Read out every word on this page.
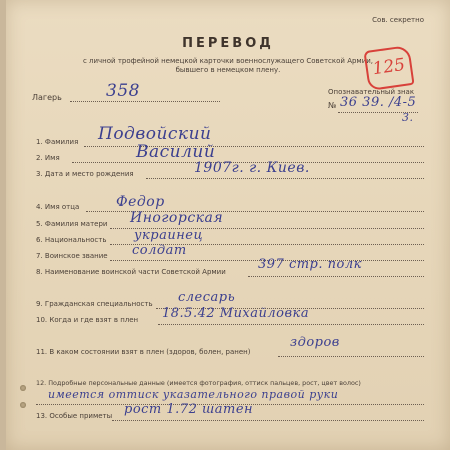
Сов. секретно
ПЕРЕВОД
с личной трофейной немецкой карточки военнослужащего Советской Армии,
бывшего в немецком плену.	125
Лагерь	358	Опознавательный знак
№ 36 39. /4-5
3.
1. Фамилия Подвойский
2. Имя	Василий
3. Дата и место рождения	1907г. г. Киев.
4. Имя отца	Федор
5. Фамилия матери Иногорская
6. Национальность украинец
7. Воинское звание солдат
8. Наименование воинской части Советской Армии 397 стр. полк
9. Гражданская специальность слесарь
10. Когда и где взят в плен 18.5.42 Михайловка
11. В каком состоянии взят в плен (здоров, болен, ранен)
здоров
12. Подробные персональные данные (имеется фотография, оттиск пальцев, рост, цвет волос)
имеется оттиск указательного правой руки
13. Особые приметы рост 1.72 шатен
